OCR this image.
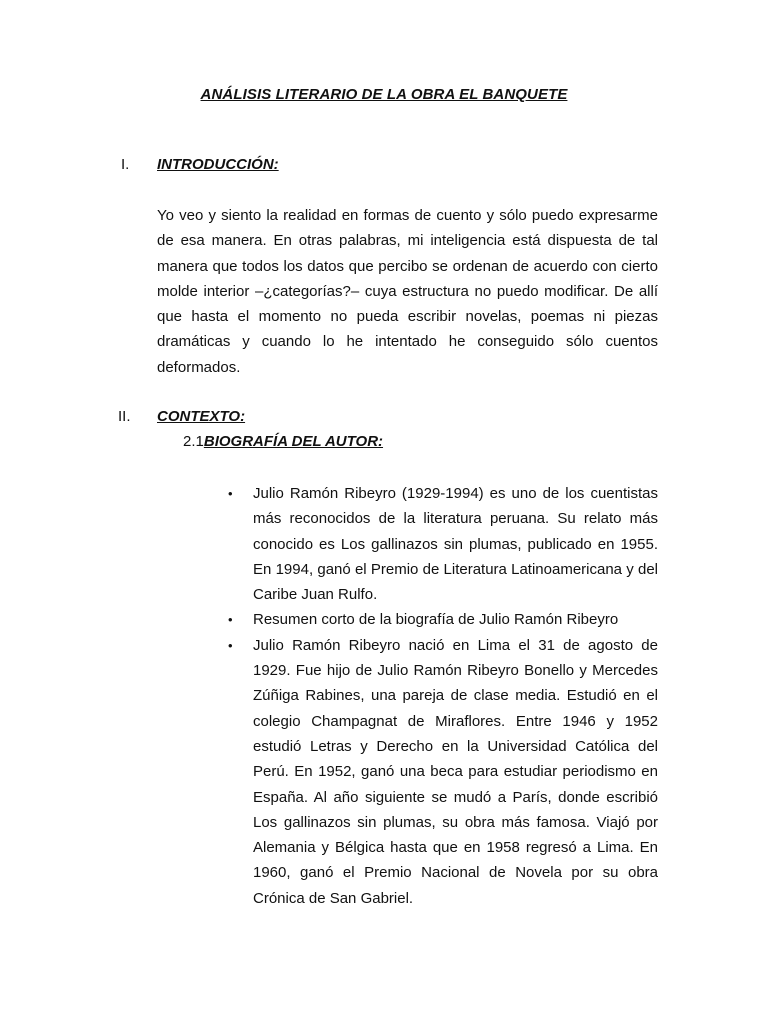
ANÁLISIS LITERARIO DE LA OBRA EL BANQUETE
I. INTRODUCCIÓN:
Yo veo y siento la realidad en formas de cuento y sólo puedo expresarme de esa manera. En otras palabras, mi inteligencia está dispuesta de tal manera que todos los datos que percibo se ordenan de acuerdo con cierto molde interior –¿categorías?– cuya estructura no puedo modificar. De allí que hasta el momento no pueda escribir novelas, poemas ni piezas dramáticas y cuando lo he intentado he conseguido sólo cuentos deformados.
II. CONTEXTO:
2.1BIOGRAFÍA DEL AUTOR:
• Julio Ramón Ribeyro (1929-1994) es uno de los cuentistas más reconocidos de la literatura peruana. Su relato más conocido es Los gallinazos sin plumas, publicado en 1955. En 1994, ganó el Premio de Literatura Latinoamericana y del Caribe Juan Rulfo.
• Resumen corto de la biografía de Julio Ramón Ribeyro
• Julio Ramón Ribeyro nació en Lima el 31 de agosto de 1929. Fue hijo de Julio Ramón Ribeyro Bonello y Mercedes Zúñiga Rabines, una pareja de clase media. Estudió en el colegio Champagnat de Miraflores. Entre 1946 y 1952 estudió Letras y Derecho en la Universidad Católica del Perú. En 1952, ganó una beca para estudiar periodismo en España. Al año siguiente se mudó a París, donde escribió Los gallinazos sin plumas, su obra más famosa. Viajó por Alemania y Bélgica hasta que en 1958 regresó a Lima. En 1960, ganó el Premio Nacional de Novela por su obra Crónica de San Gabriel.
